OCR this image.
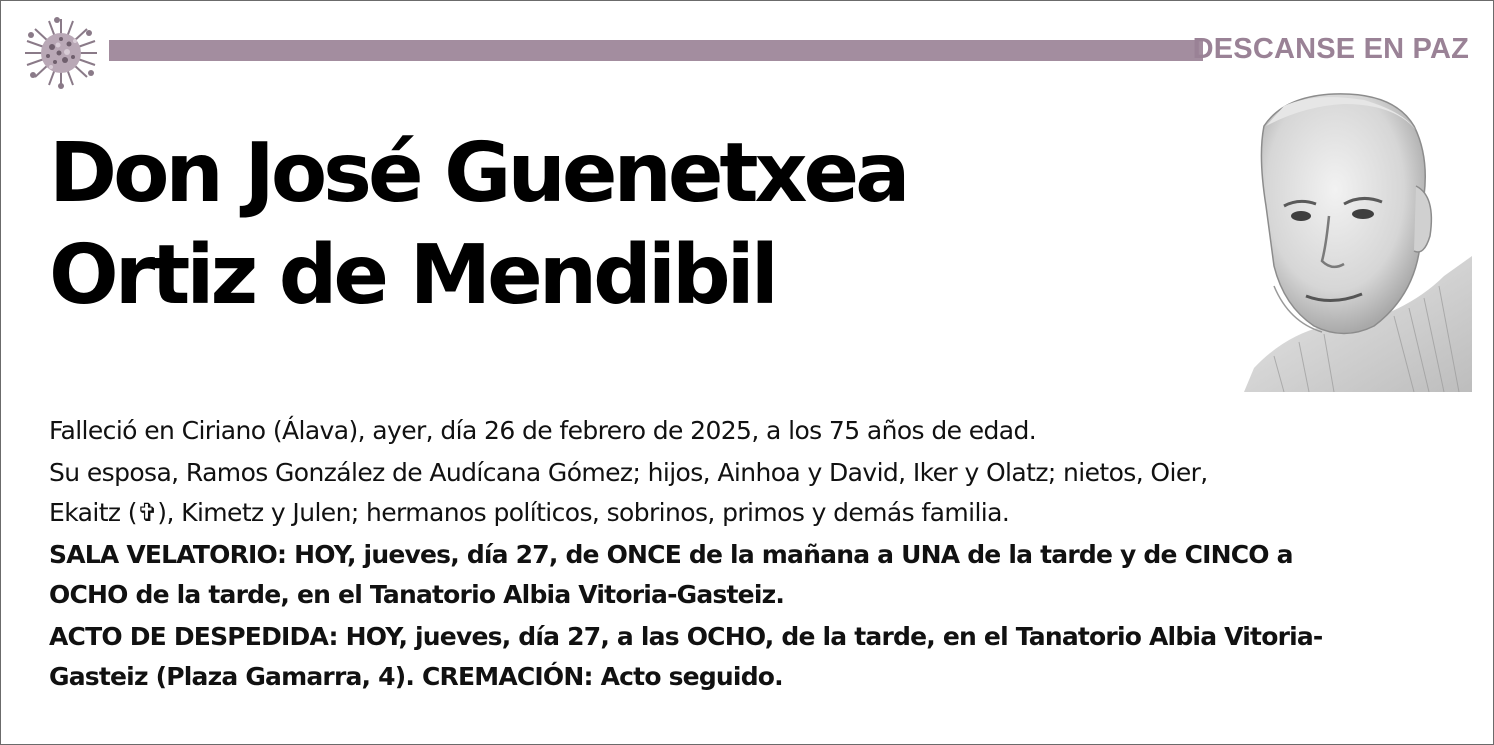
DESCANSE EN PAZ
Don José Guenetxea
Ortiz de Mendibil

Falleció en Ciriano (Álava), ayer, día 26 de febrero de 2025, a los 75 años de edad.

Su esposa, Ramos González de Audícana Gómez; hijos, Ainhoa y David, Iker y Olatz; nietos, Oier,

Ekaitz (✞), Kimetz y Julen; hermanos políticos, sobrinos, primos y demás familia.

SALA VELATORIO: HOY, jueves, día 27, de ONCE de la mañana a UNA de la tarde y de CINCO a

OCHO de la tarde, en el Tanatorio Albia Vitoria-Gasteiz.

ACTO DE DESPEDIDA: HOY, jueves, día 27, a las OCHO, de la tarde, en el Tanatorio Albia Vitoria-

Gasteiz (Plaza Gamarra, 4). CREMACIÓN: Acto seguido.
